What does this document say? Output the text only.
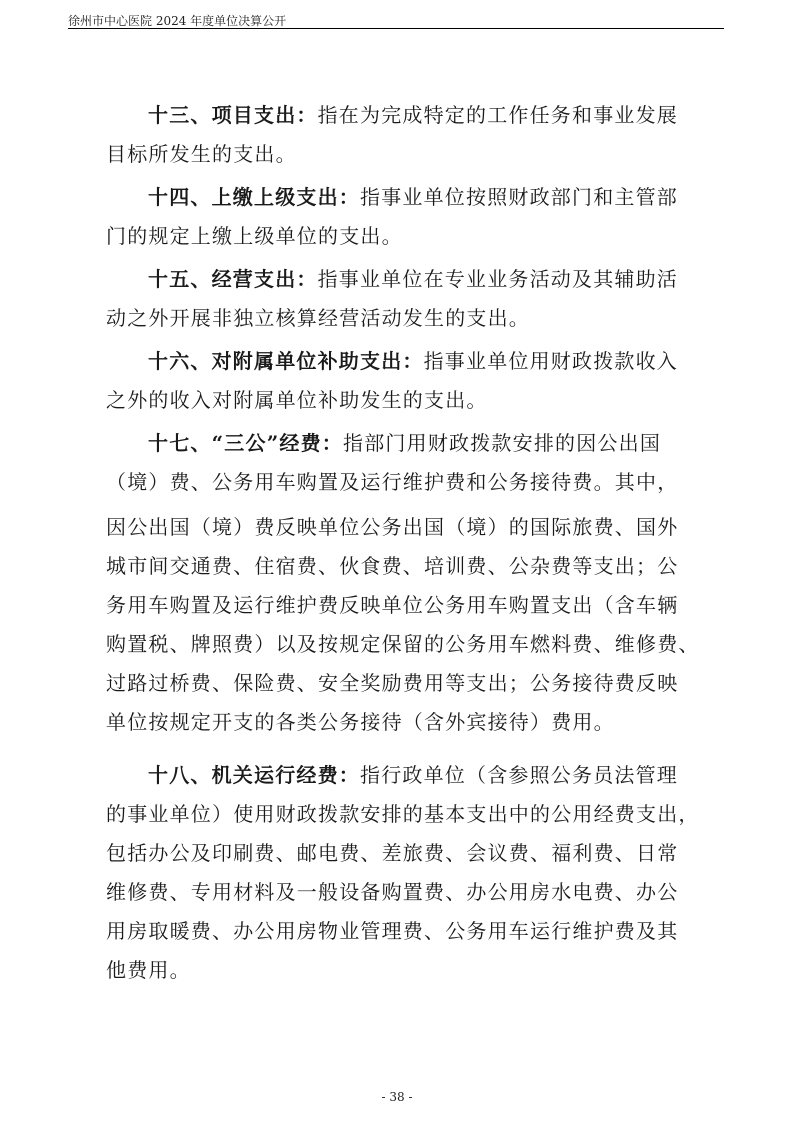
徐州市中心医院 2024 年度单位决算公开
十三、项目支出：指在为完成特定的工作任务和事业发展
目标所发生的支出。
十四、上缴上级支出：指事业单位按照财政部门和主管部
门的规定上缴上级单位的支出。
十五、经营支出：指事业单位在专业业务活动及其辅助活
动之外开展非独立核算经营活动发生的支出。
十六、对附属单位补助支出：指事业单位用财政拨款收入
之外的收入对附属单位补助发生的支出。
十七、“三公”经费：指部门用财政拨款安排的因公出国
（境）费、公务用车购置及运行维护费和公务接待费。其中，
因公出国（境）费反映单位公务出国（境）的国际旅费、国外
城市间交通费、住宿费、伙食费、培训费、公杂费等支出；公
务用车购置及运行维护费反映单位公务用车购置支出（含车辆
购置税、牌照费）以及按规定保留的公务用车燃料费、维修费、
过路过桥费、保险费、安全奖励费用等支出；公务接待费反映
单位按规定开支的各类公务接待（含外宾接待）费用。
十八、机关运行经费：指行政单位（含参照公务员法管理
的事业单位）使用财政拨款安排的基本支出中的公用经费支出，
包括办公及印刷费、邮电费、差旅费、会议费、福利费、日常
维修费、专用材料及一般设备购置费、办公用房水电费、办公
用房取暖费、办公用房物业管理费、公务用车运行维护费及其
他费用。
- 38 -
